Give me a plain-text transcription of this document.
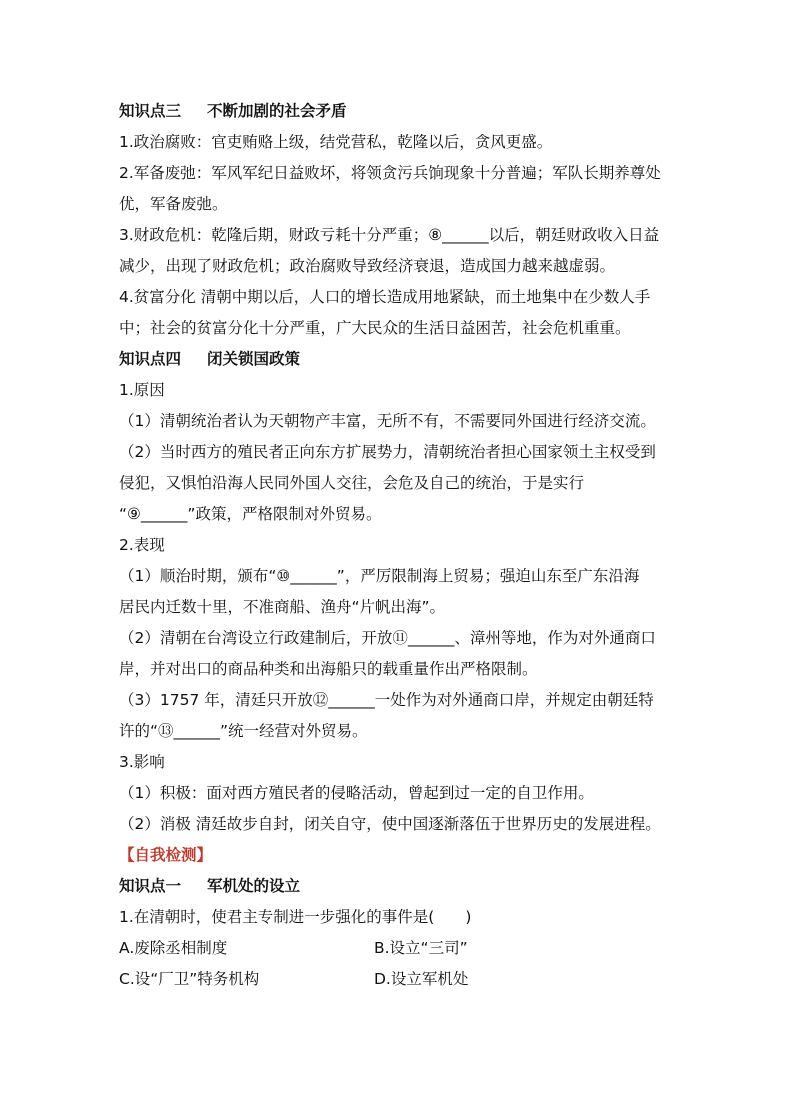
知识点三 不断加剧的社会矛盾
1.政治腐败：官吏贿赂上级，结党营私，乾隆以后，贪风更盛。
2.军备废弛：军风军纪日益败坏，将领贪污兵饷现象十分普遍；军队长期养尊处
优，军备废弛。
3.财政危机：乾隆后期，财政亏耗十分严重；⑧______以后，朝廷财政收入日益
减少，出现了财政危机；政治腐败导致经济衰退，造成国力越来越虚弱。
4.贫富分化 清朝中期以后，人口的增长造成用地紧缺，而土地集中在少数人手
中；社会的贫富分化十分严重，广大民众的生活日益困苦，社会危机重重。
知识点四 闭关锁国政策
1.原因
（1）清朝统治者认为天朝物产丰富，无所不有，不需要同外国进行经济交流。
（2）当时西方的殖民者正向东方扩展势力，清朝统治者担心国家领土主权受到
侵犯，又惧怕沿海人民同外国人交往，会危及自己的统治，于是实行
“⑨______”政策，严格限制对外贸易。
2.表现
（1）顺治时期，颁布“⑩______”，严厉限制海上贸易；强迫山东至广东沿海
居民内迁数十里，不准商船、渔舟“片帆出海”。
（2）清朝在台湾设立行政建制后，开放⑪______、漳州等地，作为对外通商口
岸，并对出口的商品种类和出海船只的载重量作出严格限制。
（3）1757 年，清廷只开放⑫______一处作为对外通商口岸，并规定由朝廷特
许的“⑬______”统一经营对外贸易。
3.影响
（1）积极：面对西方殖民者的侵略活动，曾起到过一定的自卫作用。
（2）消极 清廷故步自封，闭关自守，使中国逐渐落伍于世界历史的发展进程。
【自我检测】
知识点一 军机处的设立
1.在清朝时，使君主专制进一步强化的事件是(　　)
A.废除丞相制度	B.设立“三司”
C.设“厂卫”特务机构	D.设立军机处
